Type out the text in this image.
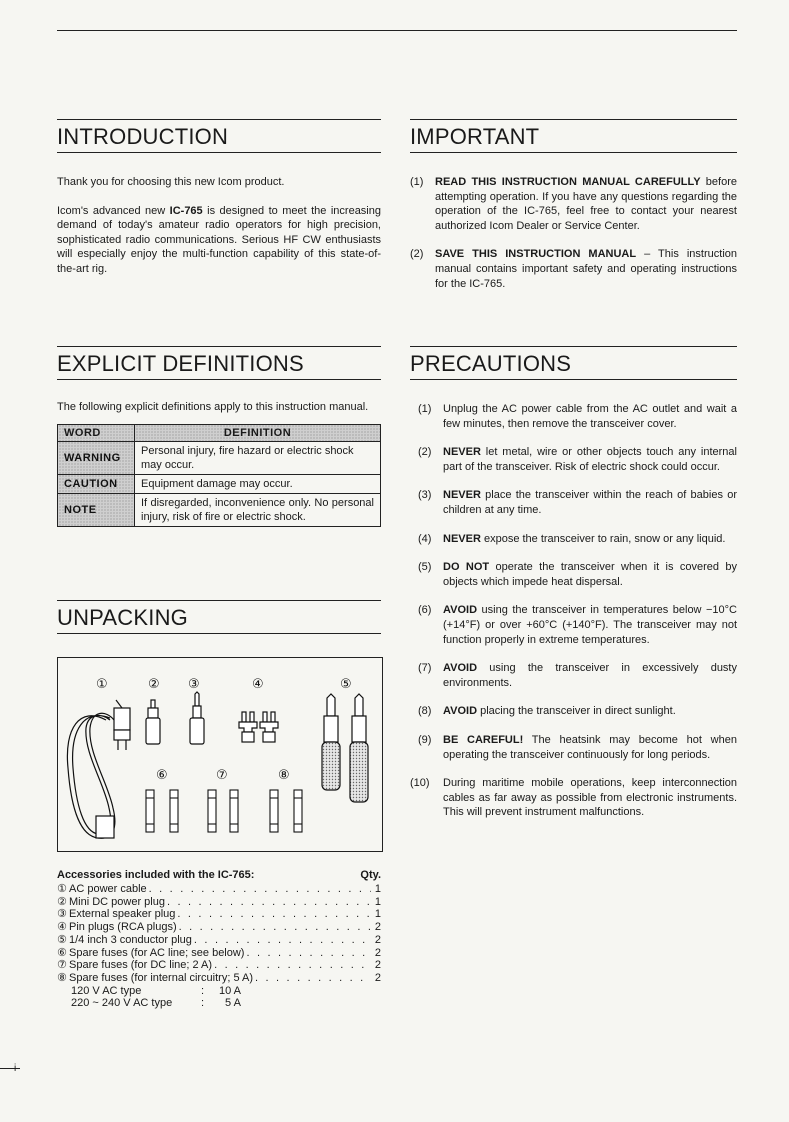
INTRODUCTION

Thank you for choosing this new Icom product.

Icom's advanced new IC-765 is designed to meet the increasing demand of today's amateur radio operators for high precision, sophisticated radio communications. Serious HF CW enthusiasts will especially enjoy the multi-function capability of this state-of-the-art rig.

IMPORTANT
(1) READ THIS INSTRUCTION MANUAL CAREFULLY before attempting operation. If you have any questions regarding the operation of the IC-765, feel free to contact your nearest authorized Icom Dealer or Service Center.
(2) SAVE THIS INSTRUCTION MANUAL – This instruction manual contains important safety and operating instructions for the IC-765.
EXPLICIT DEFINITIONS

The following explicit definitions apply to this instruction manual.

WORD	DEFINITION
WARNING	Personal injury, fire hazard or electric shock may occur.
CAUTION	Equipment damage may occur.
NOTE	If disregarded, inconvenience only. No personal injury, risk of fire or electric shock.
PRECAUTIONS
(1) Unplug the AC power cable from the AC outlet and wait a few minutes, then remove the transceiver cover.
(2) NEVER let metal, wire or other objects touch any internal part of the transceiver. Risk of electric shock could occur.
(3) NEVER place the transceiver within the reach of babies or children at any time.
(4) NEVER expose the transceiver to rain, snow or any liquid.
(5) DO NOT operate the transceiver when it is covered by objects which impede heat dispersal.
(6) AVOID using the transceiver in temperatures below −10°C (+14°F) or over +60°C (+140°F). The transceiver may not function properly in extreme temperatures.
(7) AVOID using the transceiver in excessively dusty environments.
(8) AVOID placing the transceiver in direct sunlight.
(9) BE CAREFUL! The heatsink may become hot when operating the transceiver continuously for long periods.
(10) During maritime mobile operations, keep interconnection cables as far away as possible from electronic instruments. This will prevent instrument malfunctions.
UNPACKING
①	② ③	④	⑤
⑥	⑦	⑧
Accessories included with the IC-765:	Qty.
① AC power cable . . .	1
② Mini DC power plug . . .	1
③ External speaker plug . . .	1
④ Pin plugs (RCA plugs) . . .	2
⑤ 1/4 inch 3 conductor plug . . .	2
⑥ Spare fuses (for AC line; see below) . . .	2
⑦ Spare fuses (for DC line; 2 A) . . .	2
⑧ Spare fuses (for internal circuitry; 5 A) . . .	2
120 V AC type	:	10 A
220 ~ 240 V AC type	:	5 A
i
